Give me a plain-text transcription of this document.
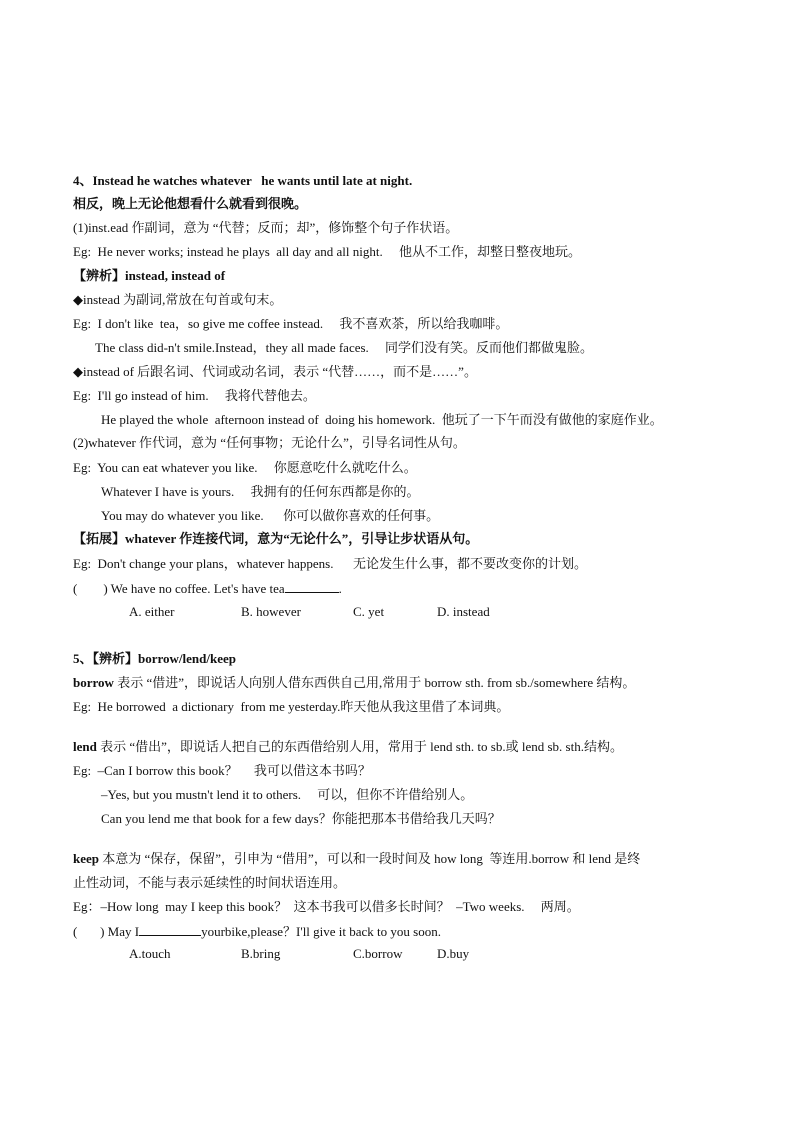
4、Instead he watches whatever   he wants until late at night.
相反，晚上无论他想看什么就看到很晚。
(1)inst.ead 作副词，意为 “代替；反而；却”，修饰整个句子作状语。
Eg:  He never works; instead he plays  all day and all night.     他从不工作，却整日整夜地玩。
【辨析】instead, instead of
◆instead 为副词,常放在句首或句末。
Eg:  I don't like  tea，so give me coffee instead.     我不喜欢茶，所以给我咖啡。
The class did-n't smile.Instead，they all made faces.     同学们没有笑。反而他们都做鬼脸。
◆instead of 后跟名词、代词或动名词，表示 “代替……，而不是……”。
Eg:  I'll go instead of him.     我将代替他去。
He played the whole  afternoon instead of  doing his homework.  他玩了一下午而没有做他的家庭作业。
(2)whatever 作代词，意为 “任何事物；无论什么”，引导名词性从句。
Eg:  You can eat whatever you like.     你愿意吃什么就吃什么。
Whatever I have is yours.     我拥有的任何东西都是你的。
You may do whatever you like.      你可以做你喜欢的任何事。
【拓展】whatever 作连接代词，意为“无论什么”，引导让步状语从句。
Eg:  Don't change your plans，whatever happens.      无论发生什么事，都不要改变你的计划。
(        ) We have no coffee. Let's have tea	.
A. either	B. however	C. yet	D. instead
5、【辨析】borrow/lend/keep
borrow 表示 “借进”，即说话人向别人借东西供自己用,常用于 borrow sth. from sb./somewhere 结构。
Eg:  He borrowed  a dictionary  from me yesterday.昨天他从我这里借了本词典。
lend 表示 “借出”，即说话人把自己的东西借给别人用，常用于 lend sth. to sb.或 lend sb. sth.结构。
Eg:  –Can I borrow this book？     我可以借这本书吗？
–Yes, but you mustn't lend it to others.     可以，但你不许借给别人。
Can you lend me that book for a few days？你能把那本书借给我几天吗？
keep 本意为 “保存，保留”，引申为 “借用”，可以和一段时间及 how long  等连用.borrow 和 lend 是终
止性动词，不能与表示延续性的时间状语连用。
Eg：–How long  may I keep this book？  这本书我可以借多长时间？  –Two weeks.     两周。
(       ) May I	yourbike,please？I'll give it back to you soon.
A.touch	B.bring	C.borrow	D.buy
